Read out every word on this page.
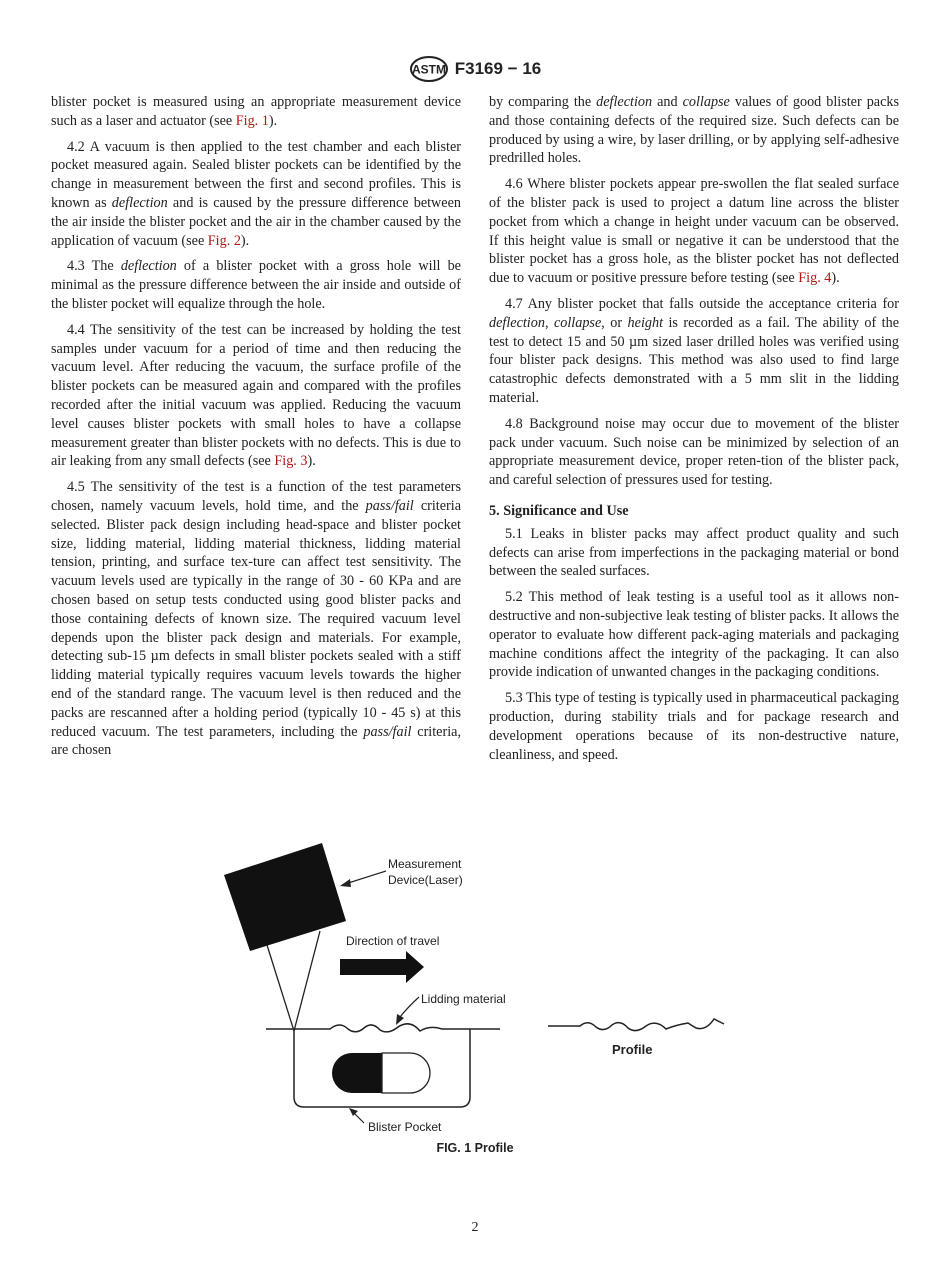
ASTM F3169 − 16

blister pocket is measured using an appropriate measurement device such as a laser and actuator (see Fig. 1).

4.2 A vacuum is then applied to the test chamber and each blister pocket measured again. Sealed blister pockets can be identified by the change in measurement between the first and second profiles. This is known as deflection and is caused by the pressure difference between the air inside the blister pocket and the air in the chamber caused by the application of vacuum (see Fig. 2).

4.3 The deflection of a blister pocket with a gross hole will be minimal as the pressure difference between the air inside and outside of the blister pocket will equalize through the hole.

4.4 The sensitivity of the test can be increased by holding the test samples under vacuum for a period of time and then reducing the vacuum level. After reducing the vacuum, the surface profile of the blister pockets can be measured again and compared with the profiles recorded after the initial vacuum was applied. Reducing the vacuum level causes blister pockets with small holes to have a collapse measurement greater than blister pockets with no defects. This is due to air leaking from any small defects (see Fig. 3).

4.5 The sensitivity of the test is a function of the test parameters chosen, namely vacuum levels, hold time, and the pass/fail criteria selected. Blister pack design including head-space and blister pocket size, lidding material, lidding material thickness, lidding material tension, printing, and surface tex-ture can affect test sensitivity. The vacuum levels used are typically in the range of 30 - 60 KPa and are chosen based on setup tests conducted using good blister packs and those containing defects of known size. The required vacuum level depends upon the blister pack design and materials. For example, detecting sub-15 µm defects in small blister pockets sealed with a stiff lidding material typically requires vacuum levels towards the higher end of the standard range. The vacuum level is then reduced and the packs are rescanned after a holding period (typically 10 - 45 s) at this reduced vacuum. The test parameters, including the pass/fail criteria, are chosen

by comparing the deflection and collapse values of good blister packs and those containing defects of the required size. Such defects can be produced by using a wire, by laser drilling, or by applying self-adhesive predrilled holes.

4.6 Where blister pockets appear pre-swollen the flat sealed surface of the blister pack is used to project a datum line across the blister pocket from which a change in height under vacuum can be observed. If this height value is small or negative it can be understood that the blister pocket has a gross hole, as the blister pocket has not deflected due to vacuum or positive pressure before testing (see Fig. 4).

4.7 Any blister pocket that falls outside the acceptance criteria for deflection, collapse, or height is recorded as a fail. The ability of the test to detect 15 and 50 µm sized laser drilled holes was verified using four blister pack designs. This method was also used to find large catastrophic defects demonstrated with a 5 mm slit in the lidding material.

4.8 Background noise may occur due to movement of the blister pack under vacuum. Such noise can be minimized by selection of an appropriate measurement device, proper reten-tion of the blister pack, and careful selection of pressures used for testing.

5. Significance and Use

5.1 Leaks in blister packs may affect product quality and such defects can arise from imperfections in the packaging material or bond between the sealed surfaces.

5.2 This method of leak testing is a useful tool as it allows non-destructive and non-subjective leak testing of blister packs. It allows the operator to evaluate how different pack-aging materials and packaging machine conditions affect the integrity of the packaging. It can also provide indication of unwanted changes in the packaging conditions.

5.3 This type of testing is typically used in pharmaceutical packaging production, during stability trials and for package research and development operations because of its non-destructive nature, cleanliness, and speed.

Measurement
Device(Laser)
Direction of travel
Lidding material
Blister Pocket
Profile
FIG. 1 Profile
2
